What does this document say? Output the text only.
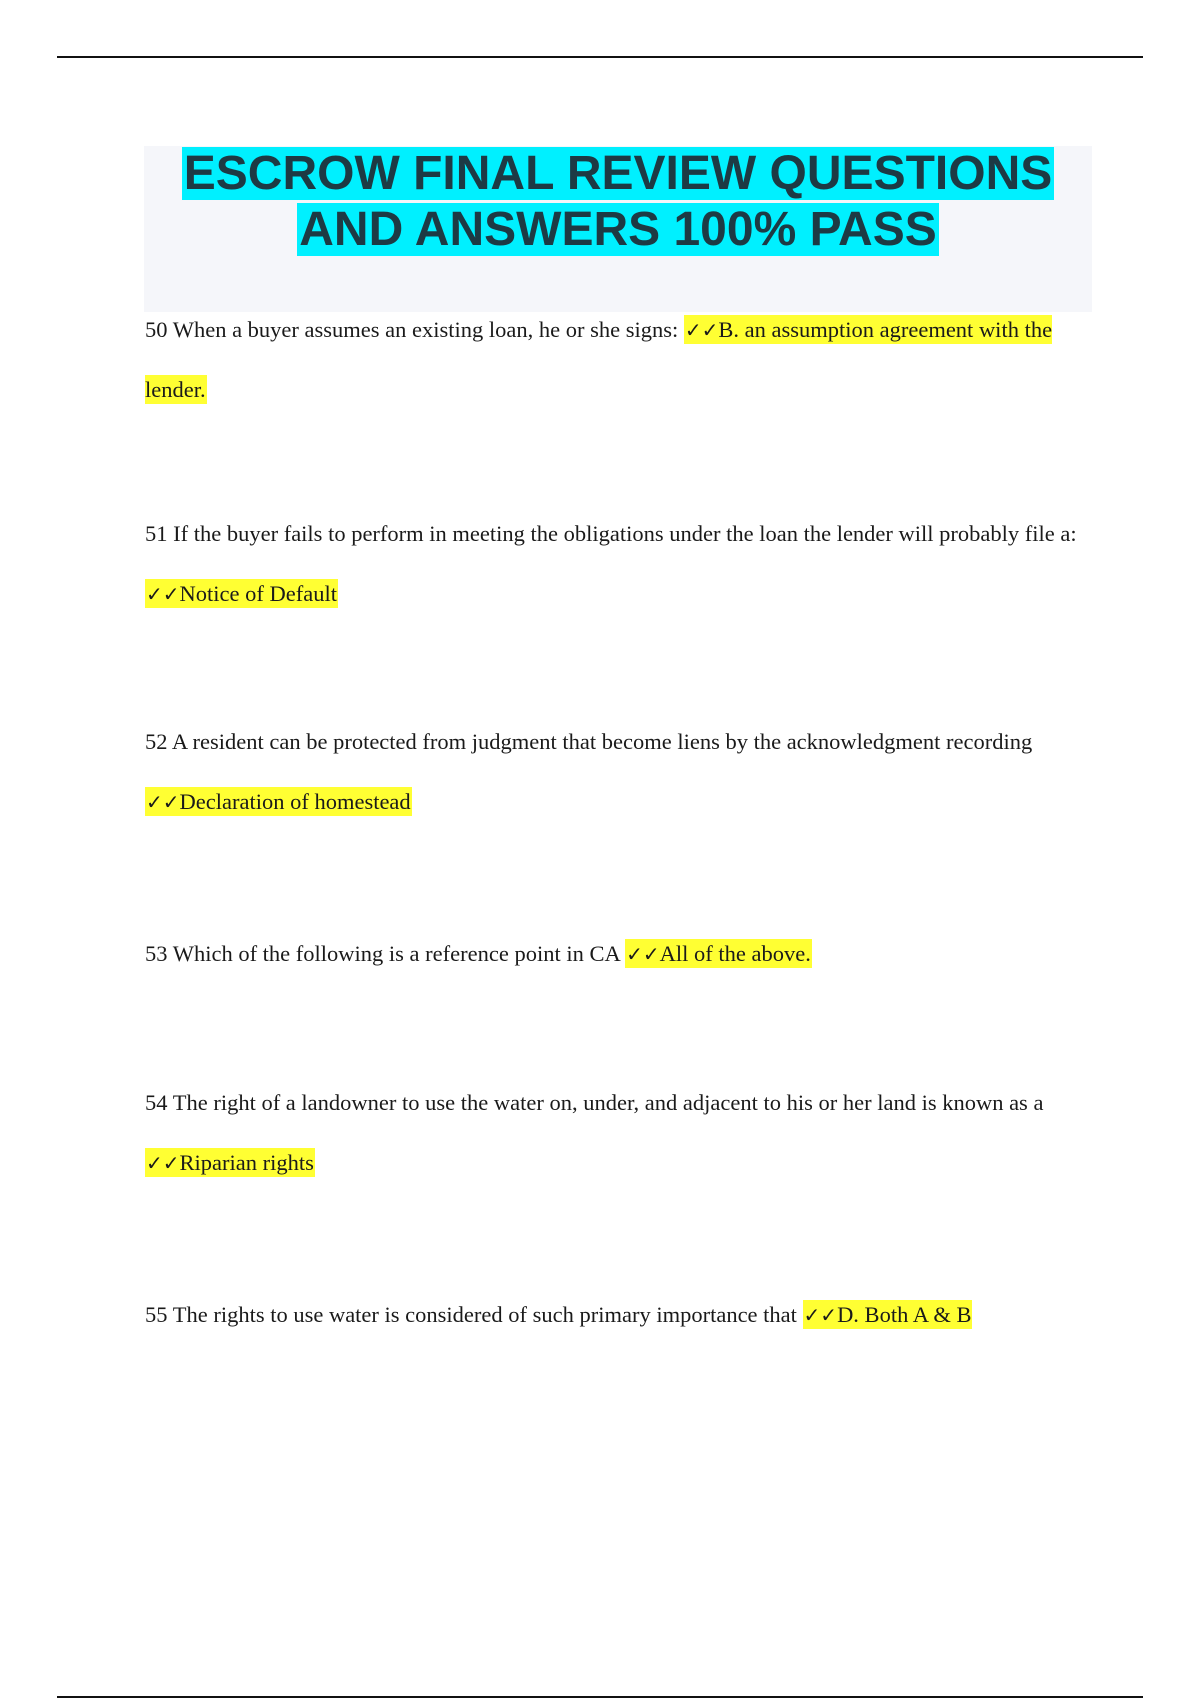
ESCROW FINAL REVIEW QUESTIONS
AND ANSWERS 100% PASS

50 When a buyer assumes an existing loan, he or she signs: ✓✓B. an assumption agreement with the lender.

51 If the buyer fails to perform in meeting the obligations under the loan the lender will probably file a: ✓✓Notice of Default

52 A resident can be protected from judgment that become liens by the acknowledgment recording ✓✓Declaration of homestead

53 Which of the following is a reference point in CA ✓✓All of the above.

54 The right of a landowner to use the water on, under, and adjacent to his or her land is known as a ✓✓Riparian rights

55 The rights to use water is considered of such primary importance that ✓✓D. Both A & B
